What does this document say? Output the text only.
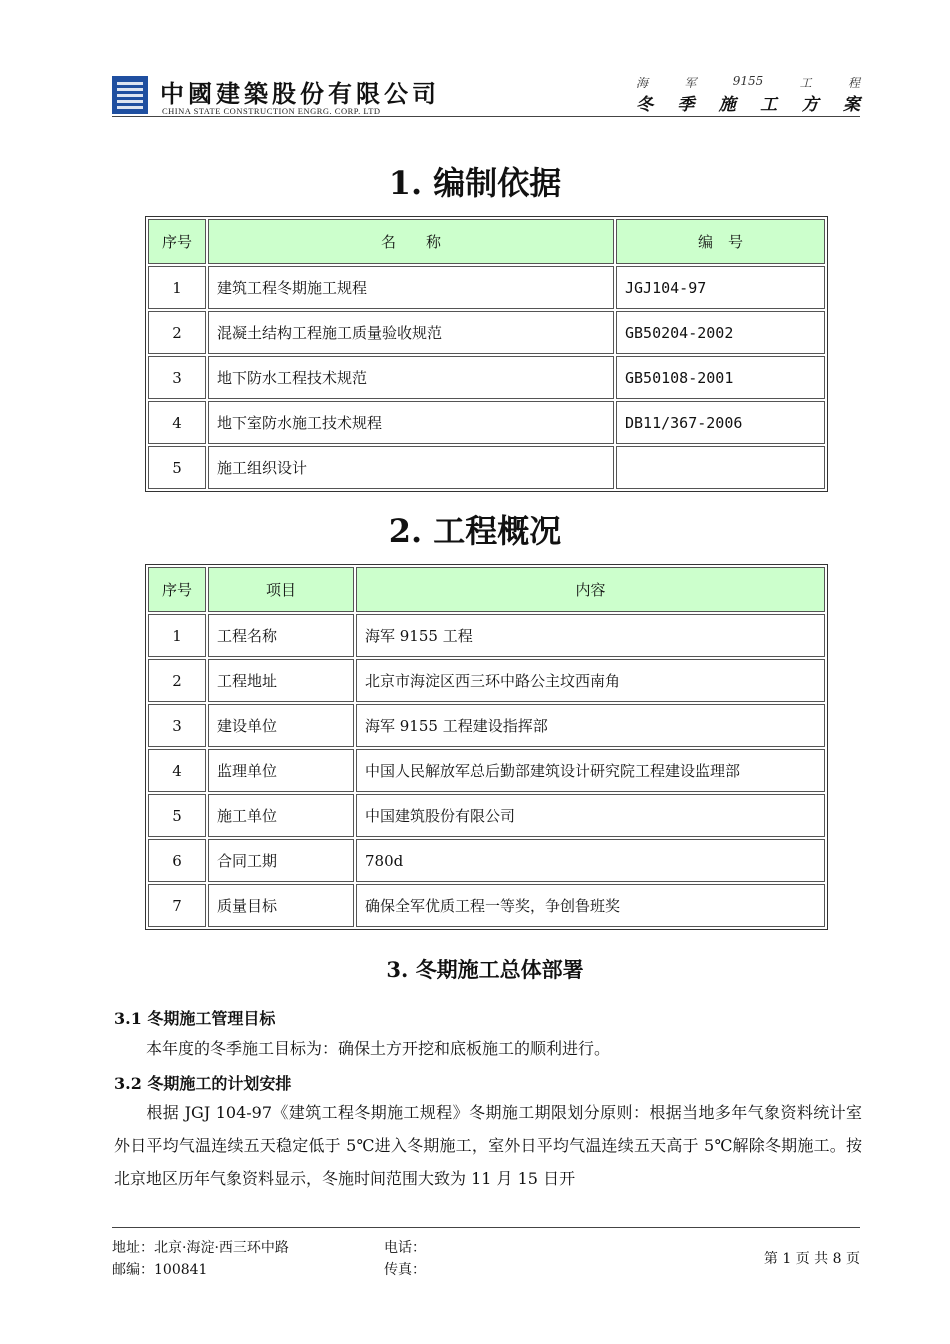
中國建築股份有限公司
CHINA STATE CONSTRUCTION ENGRG. CORP. LTD
海	军	9155	工	程
冬 季 施 工 方 案
1. 编制依据
序号	名　　称	编　号
1	建筑工程冬期施工规程	JGJ104-97
2	混凝土结构工程施工质量验收规范	GB50204-2002
3	地下防水工程技术规范	GB50108-2001
4	地下室防水施工技术规程	DB11/367-2006
5	施工组织设计	
2. 工程概况
序号	项目	内容
1	工程名称	海军 9155 工程
2	工程地址	北京市海淀区西三环中路公主坟西南角
3	建设单位	海军 9155 工程建设指挥部
4	监理单位	中国人民解放军总后勤部建筑设计研究院工程建设监理部
5	施工单位	中国建筑股份有限公司
6	合同工期	780d
7	质量目标	确保全军优质工程一等奖，争创鲁班奖
3. 冬期施工总体部署
3.1 冬期施工管理目标
本年度的冬季施工目标为：确保土方开挖和底板施工的顺利进行。
3.2 冬期施工的计划安排
根据 JGJ 104-97《建筑工程冬期施工规程》冬期施工期限划分原则：根据当地多年气象资料统计室外日平均气温连续五天稳定低于 5℃进入冬期施工，室外日平均气温连续五天高于 5℃解除冬期施工。按北京地区历年气象资料显示，冬施时间范围大致为 11 月 15 日开
地址：北京·海淀·西三环中路
邮编：100841
电话：
传真：
第 1 页 共 8 页
